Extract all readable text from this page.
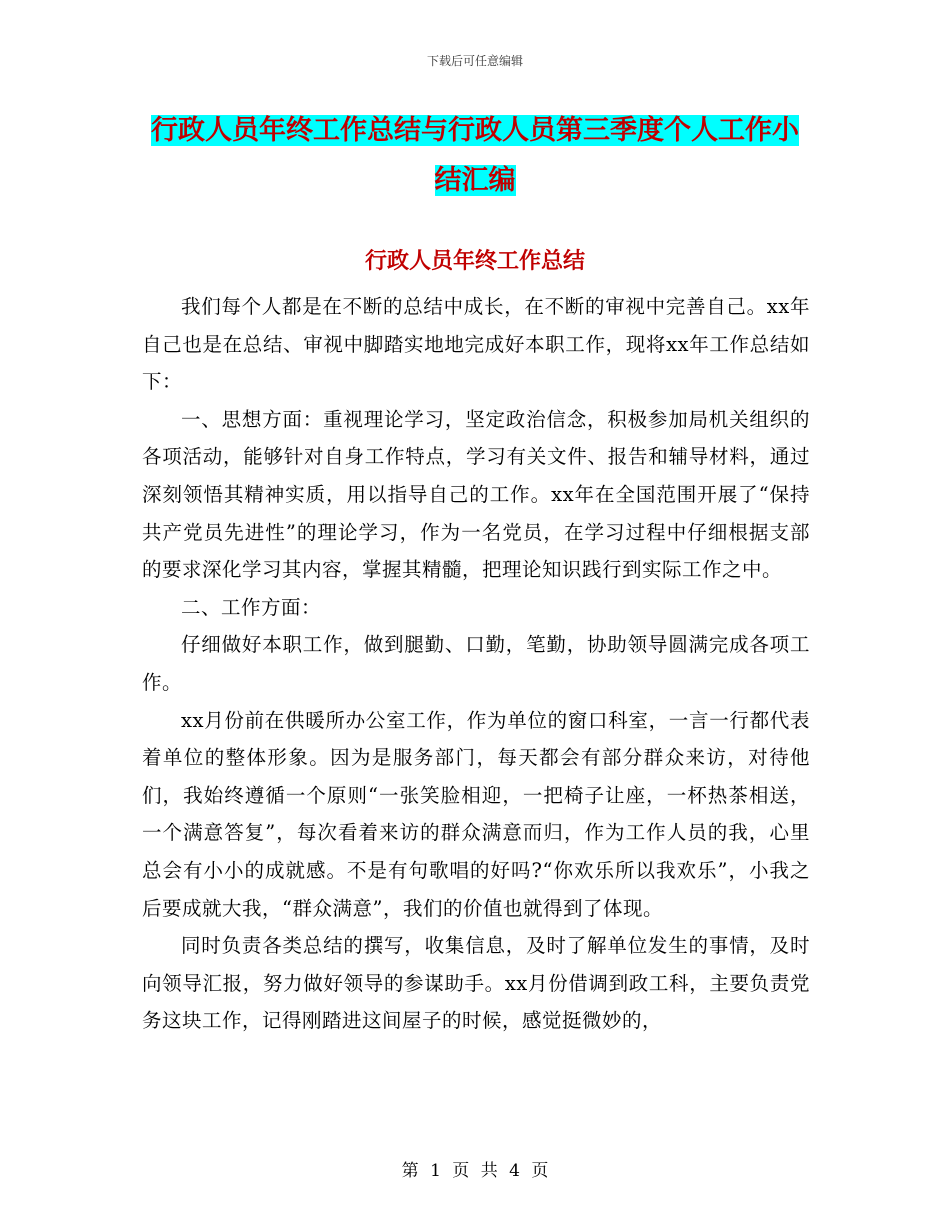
下载后可任意编辑
行政人员年终工作总结与行政人员第三季度个人工作小结汇编
行政人员年终工作总结

我们每个人都是在不断的总结中成长，在不断的审视中完善自己。xx年自己也是在总结、审视中脚踏实地地完成好本职工作，现将xx年工作总结如下：

一、思想方面：重视理论学习，坚定政治信念，积极参加局机关组织的各项活动，能够针对自身工作特点，学习有关文件、报告和辅导材料，通过深刻领悟其精神实质，用以指导自己的工作。xx年在全国范围开展了“保持共产党员先进性”的理论学习，作为一名党员，在学习过程中仔细根据支部的要求深化学习其内容，掌握其精髓，把理论知识践行到实际工作之中。

二、工作方面：

仔细做好本职工作，做到腿勤、口勤，笔勤，协助领导圆满完成各项工作。

xx月份前在供暖所办公室工作，作为单位的窗口科室，一言一行都代表着单位的整体形象。因为是服务部门，每天都会有部分群众来访，对待他们，我始终遵循一个原则“一张笑脸相迎，一把椅子让座，一杯热茶相送，一个满意答复”，每次看着来访的群众满意而归，作为工作人员的我，心里总会有小小的成就感。不是有句歌唱的好吗?“你欢乐所以我欢乐”，小我之后要成就大我，“群众满意”，我们的价值也就得到了体现。

同时负责各类总结的撰写，收集信息，及时了解单位发生的事情，及时向领导汇报，努力做好领导的参谋助手。xx月份借调到政工科，主要负责党务这块工作，记得刚踏进这间屋子的时候，感觉挺微妙的，

第 1 页 共 4 页
